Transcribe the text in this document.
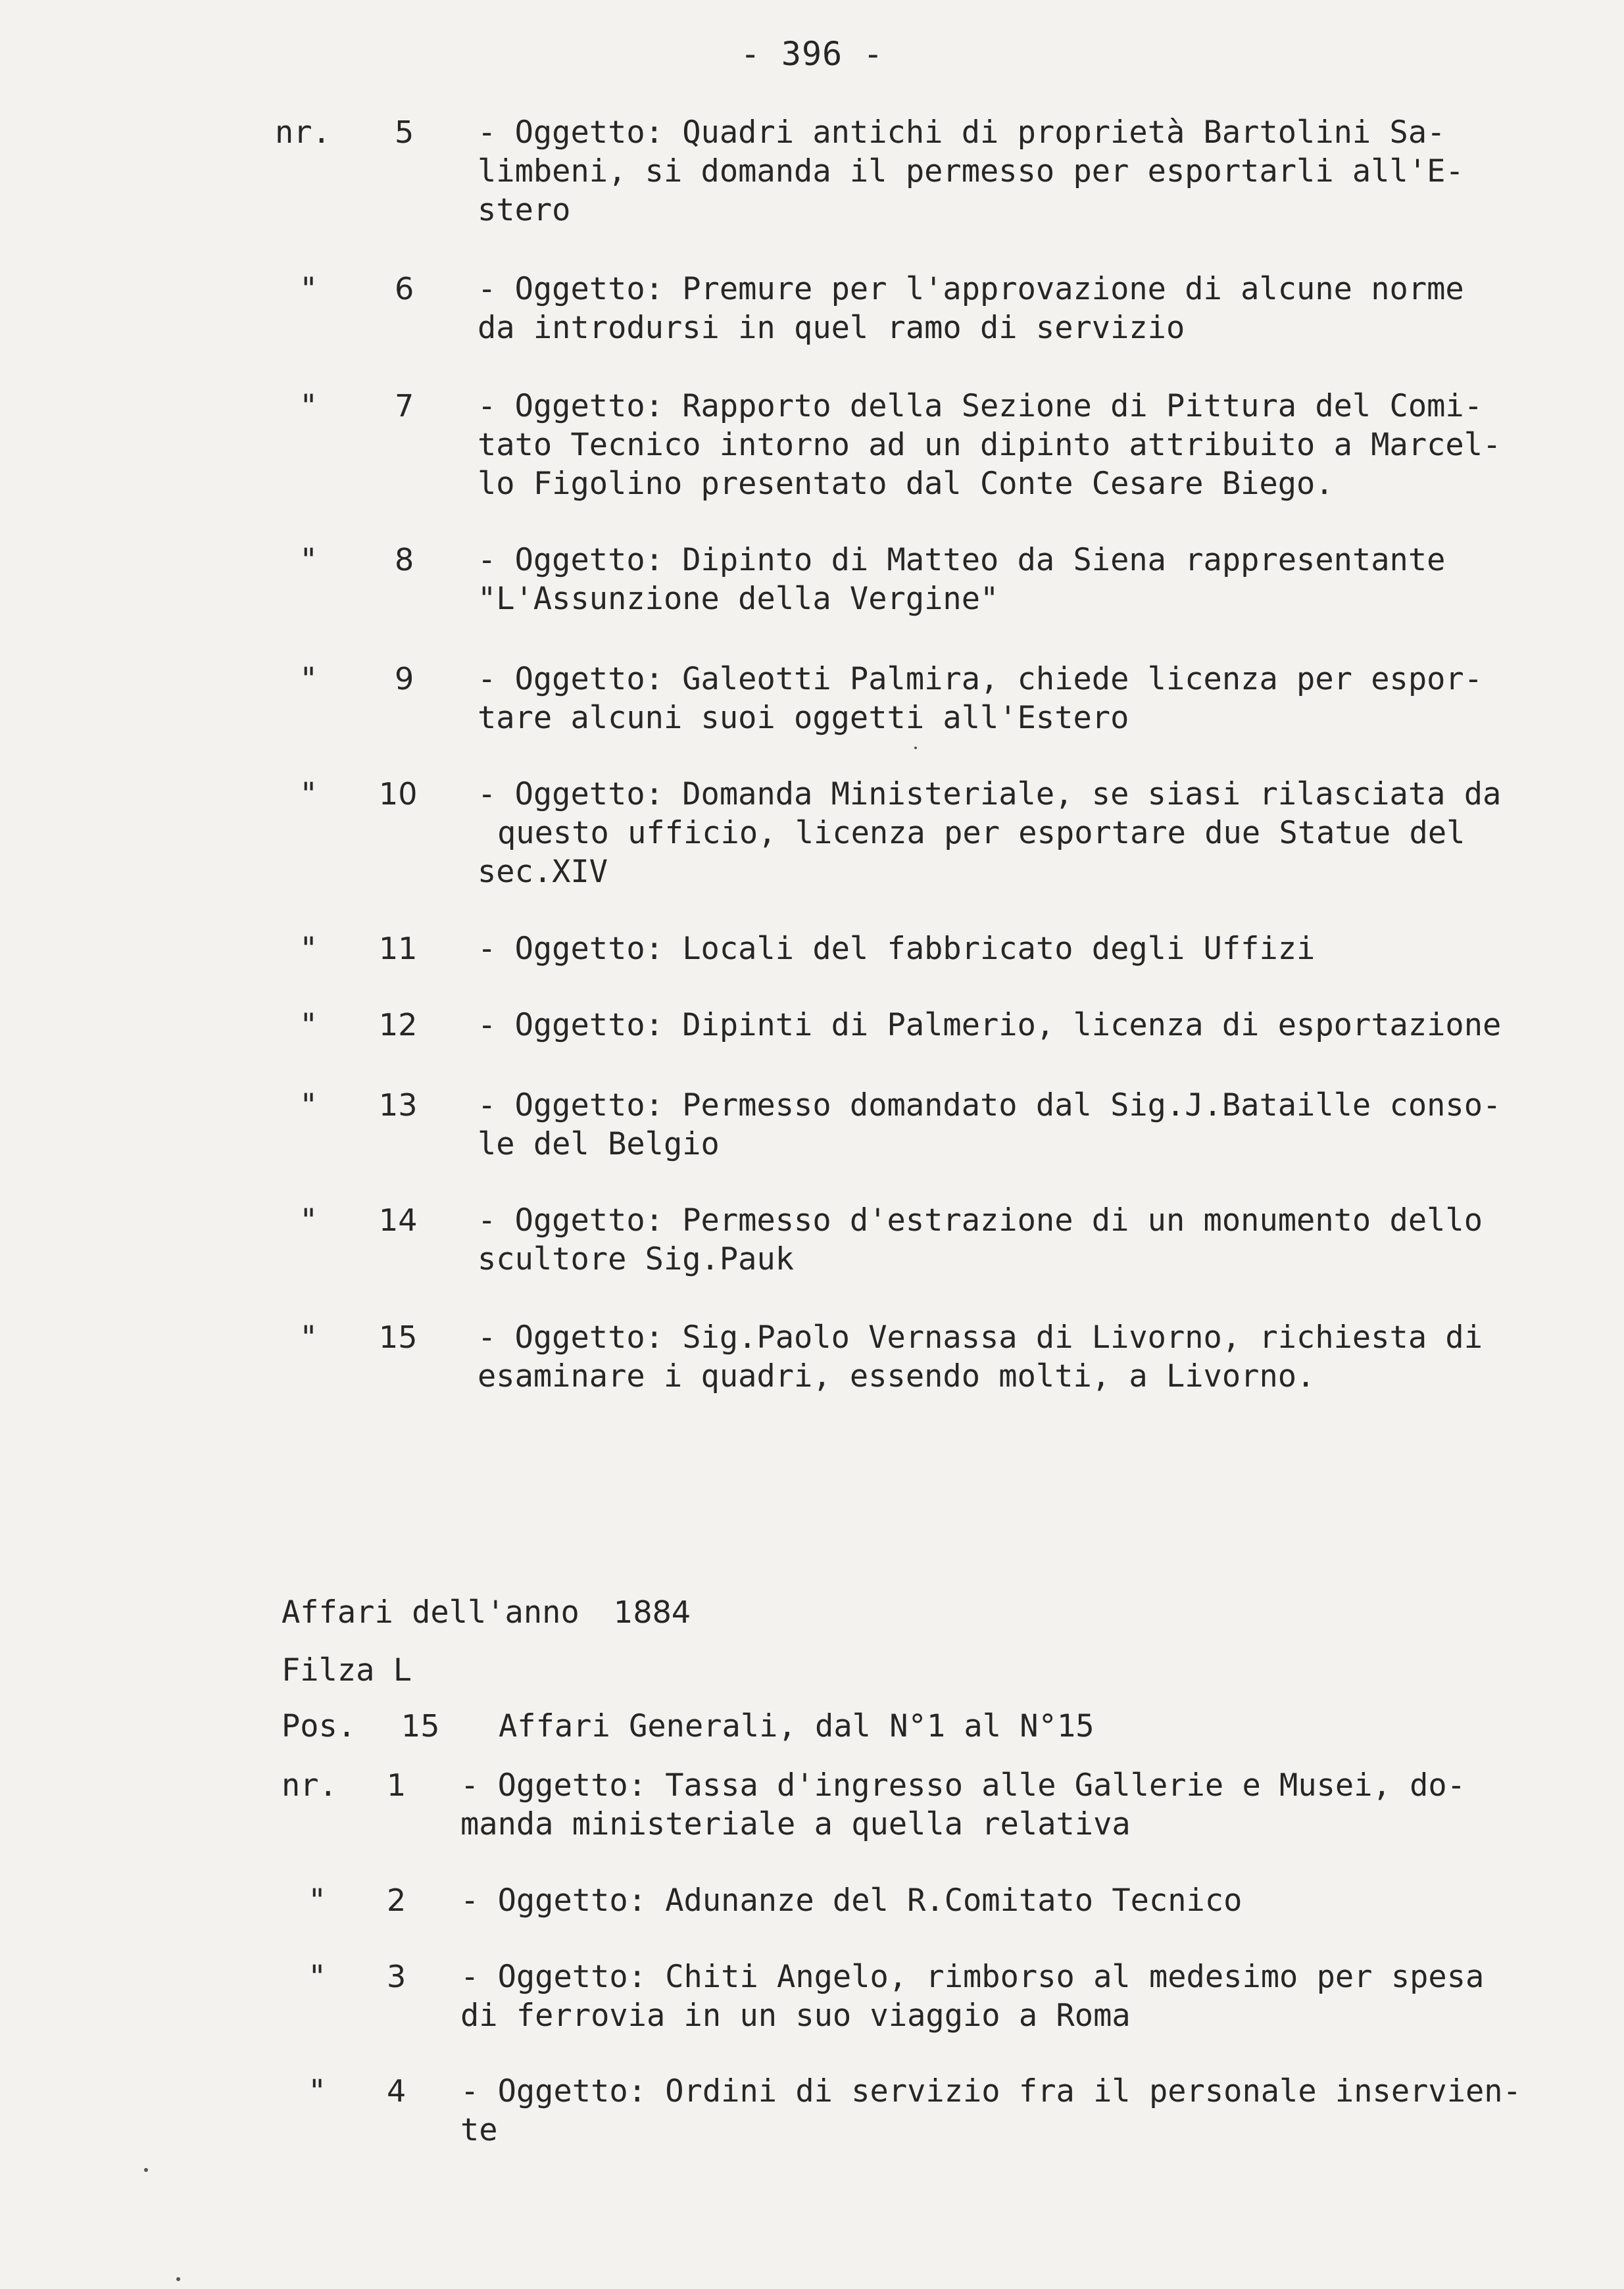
- 396 -
nr. 5 - Oggetto: Quadri antichi di proprietà Bartolini Sa-
limbeni, si domanda il permesso per esportarli all'E-
stero
"	6 - Oggetto: Premure per l'approvazione di alcune norme
da introdursi in quel ramo di servizio
"	7 - Oggetto: Rapporto della Sezione di Pittura del Comi-
tato Tecnico intorno ad un dipinto attribuito a Marcel-
lo Figolino presentato dal Conte Cesare Biego.
"	8 - Oggetto: Dipinto di Matteo da Siena rappresentante
"L'Assunzione della Vergine"
"	9 - Oggetto: Galeotti Palmira, chiede licenza per espor-
tare alcuni suoi oggetti all'Estero
" 10 - Oggetto: Domanda Ministeriale, se siasi rilasciata da
questo ufficio, licenza per esportare due Statue del
sec.XIV
" 11 - Oggetto: Locali del fabbricato degli Uffizi
" 12 - Oggetto: Dipinti di Palmerio, licenza di esportazione
" 13 - Oggetto: Permesso domandato dal Sig.J.Bataille conso-
le del Belgio
" 14 - Oggetto: Permesso d'estrazione di un monumento dello
scultore Sig.Pauk
" 15 - Oggetto: Sig.Paolo Vernassa di Livorno, richiesta di
esaminare i quadri, essendo molti, a Livorno.
Affari dell'anno 1884
Filza L
Pos. 15 Affari Generali, dal N°1 al N°15
nr. 1 - Oggetto: Tassa d'ingresso alle Gallerie e Musei, do-
manda ministeriale a quella relativa
" 2 - Oggetto: Adunanze del R.Comitato Tecnico
" 3 - Oggetto: Chiti Angelo, rimborso al medesimo per spesa
di ferrovia in un suo viaggio a Roma
" 4 - Oggetto: Ordini di servizio fra il personale inservien-
te
